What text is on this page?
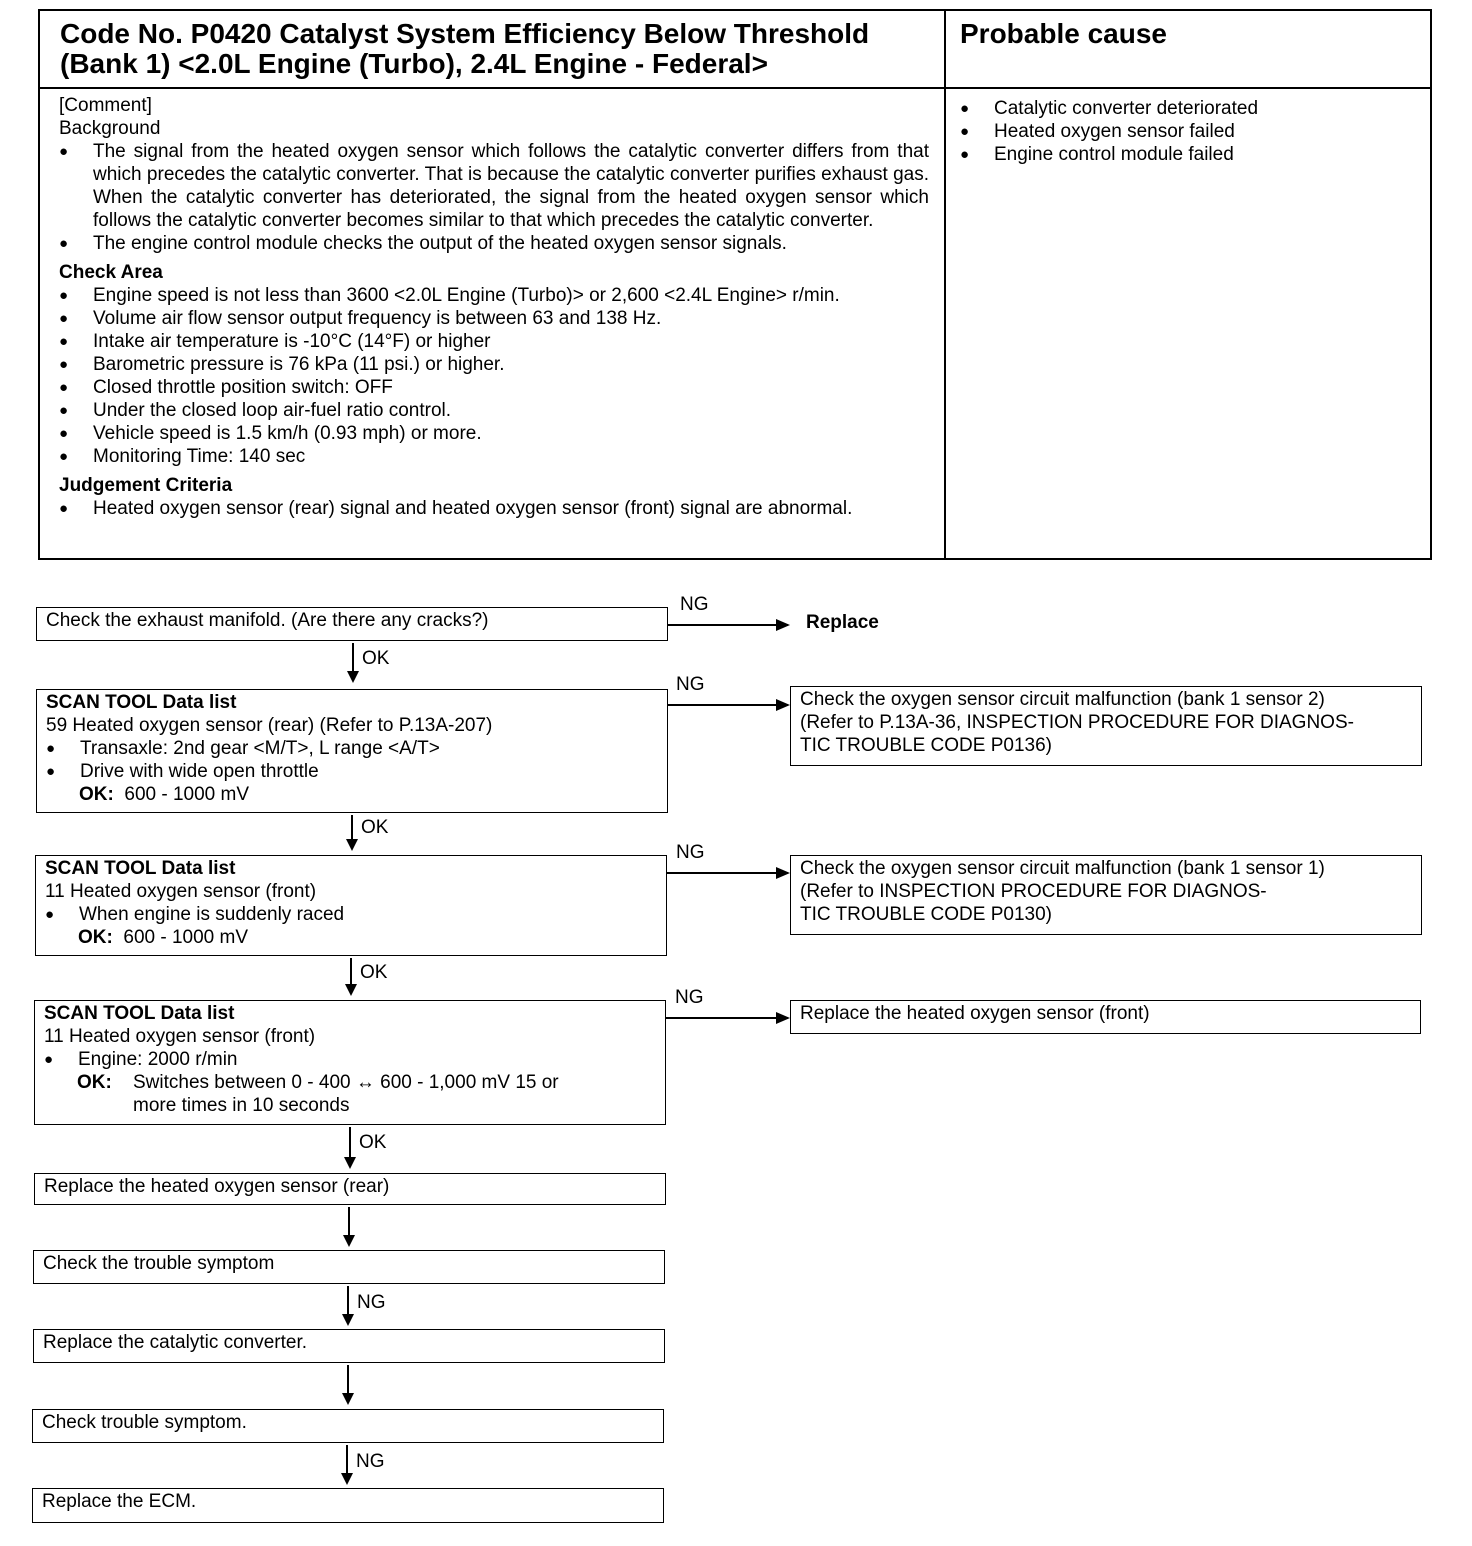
Code No. P0420 Catalyst System Efficiency Below Threshold
(Bank 1) <2.0L Engine (Turbo), 2.4L Engine - Federal>
Probable cause
[Comment]
Background
● The signal from the heated oxygen sensor which follows the catalytic converter differs from that which precedes the catalytic converter. That is because the catalytic converter purifies exhaust gas. When the catalytic converter has deteriorated, the signal from the heated oxygen sensor which follows the catalytic converter becomes similar to that which precedes the catalytic converter.
● The engine control module checks the output of the heated oxygen sensor signals.
Check Area
● Engine speed is not less than 3600 <2.0L Engine (Turbo)> or 2,600 <2.4L Engine> r/min.
● Volume air flow sensor output frequency is between 63 and 138 Hz.
● Intake air temperature is -10°C (14°F) or higher
● Barometric pressure is 76 kPa (11 psi.) or higher.
● Closed throttle position switch: OFF
● Under the closed loop air-fuel ratio control.
● Vehicle speed is 1.5 km/h (0.93 mph) or more.
● Monitoring Time: 140 sec
Judgement Criteria
● Heated oxygen sensor (rear) signal and heated oxygen sensor (front) signal are abnormal.
● Catalytic converter deteriorated
● Heated oxygen sensor failed
● Engine control module failed
Check the exhaust manifold. (Are there any cracks?)
NG
Replace
OK
SCAN TOOL Data list
59 Heated oxygen sensor (rear) (Refer to P.13A-207)
● Transaxle: 2nd gear <M/T>, L range <A/T>
● Drive with wide open throttle
OK: 600 - 1000 mV
NG
Check the oxygen sensor circuit malfunction (bank 1 sensor 2)
(Refer to P.13A-36, INSPECTION PROCEDURE FOR DIAGNOS-
TIC TROUBLE CODE P0136)
OK
SCAN TOOL Data list
11 Heated oxygen sensor (front)
● When engine is suddenly raced
OK: 600 - 1000 mV
NG
Check the oxygen sensor circuit malfunction (bank 1 sensor 1)
(Refer to INSPECTION PROCEDURE FOR DIAGNOS-
TIC TROUBLE CODE P0130)
OK
SCAN TOOL Data list
11 Heated oxygen sensor (front)
● Engine: 2000 r/min
OK:	Switches between 0 - 400 ↔ 600 - 1,000 mV 15 or
more times in 10 seconds
NG
Replace the heated oxygen sensor (front)
OK
Replace the heated oxygen sensor (rear)
Check the trouble symptom
NG
Replace the catalytic converter.
Check trouble symptom.
NG
Replace the ECM.
